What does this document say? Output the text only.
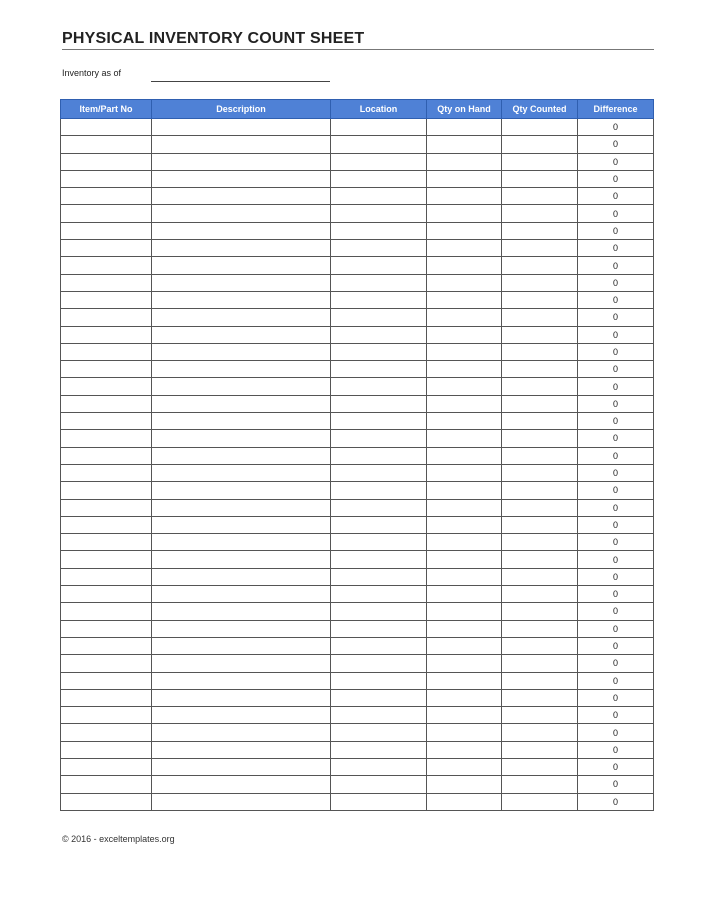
PHYSICAL INVENTORY COUNT SHEET
Inventory as of
Item/Part No	Description	Location	Qty on Hand	Qty Counted	Difference
					0
					0
					0
					0
					0
					0
					0
					0
					0
					0
					0
					0
					0
					0
					0
					0
					0
					0
					0
					0
					0
					0
					0
					0
					0
					0
					0
					0
					0
					0
					0
					0
					0
					0
					0
					0
					0
					0
					0
					0
© 2016 - exceltemplates.org
